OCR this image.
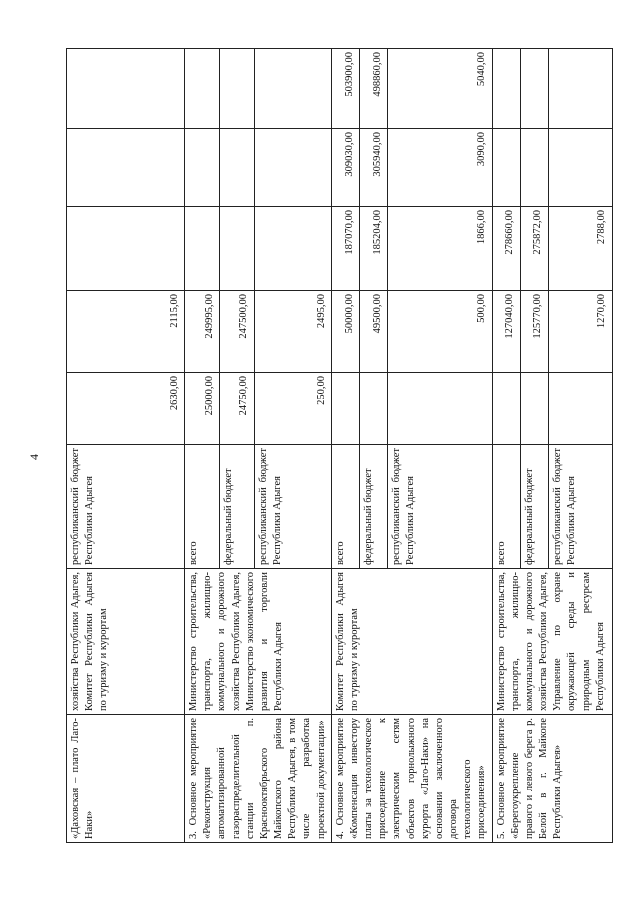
4
«Даховская – плато Лаго-Наки»	хозяйства Республики Адыгея, Комитет Республики Адыгея по туризму и курортам	республиканский бюджет Республики Адыгея	2630,00	2115,00			
3. Основное мероприятие «Реконструкция автоматизированной газораспределительной станции п. Краснооктябрьского Майкопского района Республики Адыгея, в том числе разработка проектной документации»	Министерство строительства, транспорта, жилищно-коммунального и дорожного хозяйства Республики Адыгея, Министерство экономического развития и торговли Республики Адыгея	всего	25000,00	249995,00			
		федеральный бюджет	24750,00	247500,00			
		республиканский бюджет Республики Адыгея	250,00	2495,00			
4. Основное мероприятие «Компенсация инвестору платы за технологическое присоединение к электрическим сетям объектов горнолыжного курорта «Лаго-Наки» на основании заключенного договора технологического присоединения»	Комитет Республики Адыгея по туризму и курортам	всего		50000,00	187070,00	309030,00	503900,00
		федеральный бюджет		49500,00	185204,00	305940,00	498860,00
		республиканский бюджет Республики Адыгея		500,00	1866,00	3090,00	5040,00
5. Основное мероприятие «Берегоукрепление правого и левого берега р. Белой в г. Майкопе Республики Адыгея»	Министерство строительства, транспорта, жилищно-коммунального и дорожного хозяйства Республики Адыгея, Управление по охране окружающей среды и природным ресурсам Республики Адыгея	всего		127040,00	278660,00		
		федеральный бюджет		125770,00	275872,00		
		республиканский бюджет Республики Адыгея		1270,00	2788,00		
